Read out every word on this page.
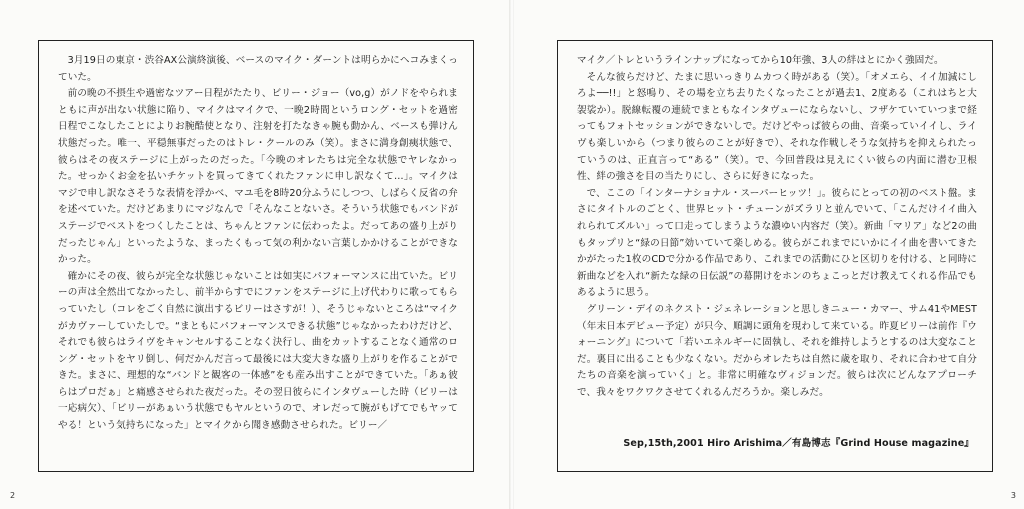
3月19日の東京・渋谷AX公演終演後、ベースのマイク・ダーントは明らかにヘコみまくっていた。

前の晩の不摂生や過密なツアー日程がたたり、ビリー・ジョー（vo,g）がノドをやられまともに声が出ない状態に陥り、マイクはマイクで、一晩2時間というロング・セットを過密日程でこなしたことによりお腕酷使となり、注射を打たなきゃ腕も動かん、ベースも弾けん状態だった。唯一、平穏無事だったのはトレ・クールのみ（笑）。まさに満身創痍状態で、彼らはその夜ステージに上がったのだった。「今晩のオレたちは完全な状態でヤレなかった。せっかくお金を払いチケットを買ってきてくれたファンに申し訳なくて…」。マイクはマジで申し訳なさそうな表情を浮かべ、マユ毛を8時20分ふうにしつつ、しばらく反省の弁を述べていた。だけどあまりにマジなんで「そんなことないさ。そういう状態でもバンドがステージでベストをつくしたことは、ちゃんとファンに伝わったよ。だってあの盛り上がりだったじゃん」といったような、まったくもって気の利かない言葉しかかけることができなかった。

確かにその夜、彼らが完全な状態じゃないことは如実にパフォーマンスに出ていた。ビリーの声は全然出てなかったし、前半からすでにファンをステージに上げ代わりに歌ってもらっていたし（コレをごく自然に演出するビリーはさすが！）、そうじゃないところは“マイクがカヴァーしていたしで。“まともにパフォーマンスできる状態”じゃなかったわけだけど、それでも彼らはライヴをキャンセルすることなく決行し、曲をカットすることなく通常のロング・セットをヤリ倒し、何だかんだ言って最後には大変大きな盛り上がりを作ることができた。まさに、理想的な“バンドと観客の一体感”をも産み出すことができていた。「あぁ彼らはプロだぁ」と痛感させられた夜だった。その翌日彼らにインタヴューした時（ビリーは一応病欠）、「ビリーがあぁいう状態でもヤルというので、オレだって腕がもげてでもヤッてやる！という気持ちになった」とマイクから聞き感動させられた。ビリー／

2

マイク／トレというラインナップになってから10年強、3人の絆はとにかく強固だ。

そんな彼らだけど、たまに思いっきりムカつく時がある（笑）。「オメエら、イイ加減にしろよ──!!」と怒鳴り、その場を立ち去りたくなったことが過去1、2度ある（これはちと大袈裟か）。脱線転覆の連続でまともなインタヴューにならないし、フザケていていつまで経ってもフォトセッションができないしで。だけどやっぱ彼らの曲、音楽っていイイし、ライヴも楽しいから（つまり彼らのことが好きで）、それな作戦しそうな気持ちを抑えられたっていうのは、正直言って“ある”（笑）。で、今回普段は見えにくい彼らの内面に潜む卫根性、絆の強さを目の当たりにし、さらに好きになった。

で、ここの「インターナショナル・スーパーヒッツ！」。彼らにとっての初のベスト盤。まさにタイトルのごとく、世界ヒット・チューンがズラリと並んでいて、「こんだけイイ曲入れられてズルい」って口走ってしまうような濃ゆい内容だ（笑）。新曲「マリア」など2の曲もタップリと“緑の日節”効いていて楽しめる。彼らがこれまでにいかにイイ曲を書いてきたかがたった1枚のCDで分かる作品であり、これまでの活動にひと区切りを付ける、と同時に新曲などを入れ“新たな緑の日伝説”の幕開けをホンのちょこっとだけ教えてくれる作品でもあるように思う。

グリーン・デイのネクスト・ジェネレーションと思しきニュー・カマー、サム41やMEST（年末日本デビュー予定）が只今、順調に頭角を現わして来ている。昨夏ビリーは前作『ウォーニング』について「若いエネルギーに固執し、それを維持しようとするのは大変なことだ。裏目に出ることも少なくない。だからオレたちは自然に歳を取り、それに合わせて自分たちの音楽を演っていく」と。非常に明確なヴィジョンだ。彼らは次にどんなアプローチで、我々をワクワクさせてくれるんだろうか。楽しみだ。

Sep,15th,2001 Hiro Arishima／有島博志『Grind House magazine』
3
